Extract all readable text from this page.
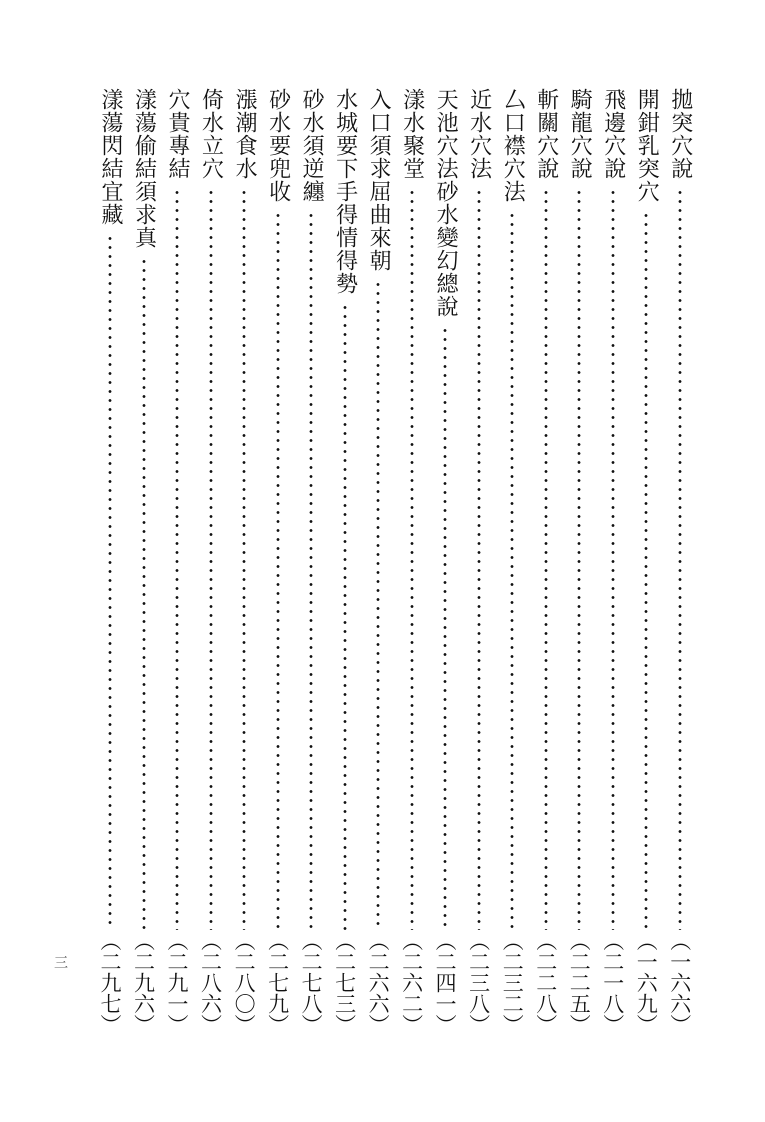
拋突穴說
（一六六）
開鉗乳突穴
（一六九）
飛邊穴說
（二一八）
騎龍穴說
（二二五）
斬關穴說
（二二八）
厶口襟穴法
（二三二）
近水穴法
（二三八）
天池穴法砂水變幻總說
（二四一）
漾水聚堂
（二六二）
入口須求屈曲來朝
（二六六）
水城要下手得情得勢
（二七三）
砂水須逆纏
（二七八）
砂水要兜收
（二七九）
漲潮食水
（二八〇）
倚水立穴
（二八六）
穴貴專結
（二九一）
漾蕩偷結須求真
（二九六）
漾蕩閃結宜藏
（二九七）
三
